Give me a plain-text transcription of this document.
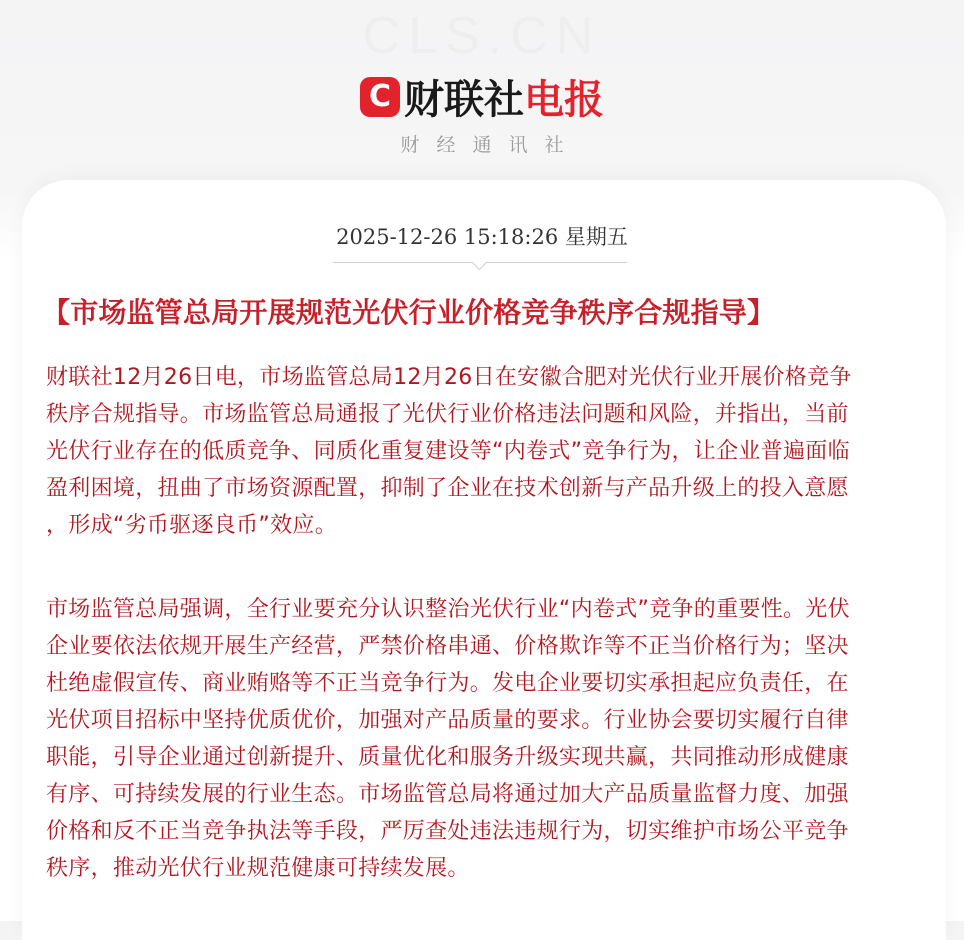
CLS.CN
C 财联社 电报
财经通讯社
2025-12-26 15:18:26 星期五
【市场监管总局开展规范光伏行业价格竞争秩序合规指导】
财联社12月26日电，市场监管总局12月26日在安徽合肥对光伏行业开展价格竞争
秩序合规指导。市场监管总局通报了光伏行业价格违法问题和风险，并指出，当前
光伏行业存在的低质竞争、同质化重复建设等“内卷式”竞争行为，让企业普遍面临
盈利困境，扭曲了市场资源配置，抑制了企业在技术创新与产品升级上的投入意愿
，形成“劣币驱逐良币”效应。
市场监管总局强调，全行业要充分认识整治光伏行业“内卷式”竞争的重要性。光伏
企业要依法依规开展生产经营，严禁价格串通、价格欺诈等不正当价格行为；坚决
杜绝虚假宣传、商业贿赂等不正当竞争行为。发电企业要切实承担起应负责任，在
光伏项目招标中坚持优质优价，加强对产品质量的要求。行业协会要切实履行自律
职能，引导企业通过创新提升、质量优化和服务升级实现共赢，共同推动形成健康
有序、可持续发展的行业生态。市场监管总局将通过加大产品质量监督力度、加强
价格和反不正当竞争执法等手段，严厉查处违法违规行为，切实维护市场公平竞争
秩序，推动光伏行业规范健康可持续发展。
